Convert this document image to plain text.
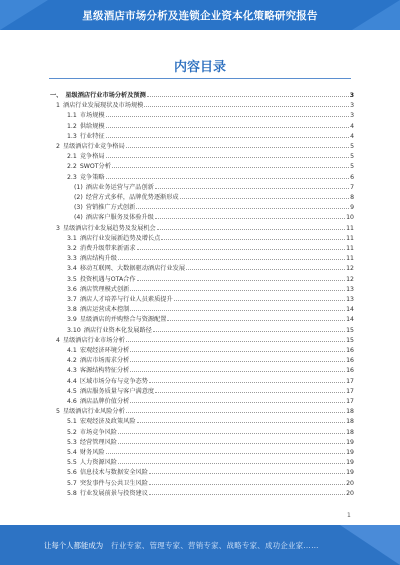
星级酒店市场分析及连锁企业资本化策略研究报告
内容目录
一、 星级酒店行业市场分析及预测	3
1 酒店行业发展现状及市场规模	3
1.1 市场规模	3
1.2 供给规模	4
1.3 行业特征	4
2 星级酒店行业竞争格局	5
2.1 竞争格局	5
2.2 SWOT分析	5
2.3 竞争策略	6
(1) 酒店业务运营与产品创新	7
(2) 经营方式多样，品牌优势逐渐形成	8
(3) 营销推广方式创新	9
(4) 酒店客户服务及体验升级	10
3 星级酒店行业发展趋势及发展机会	11
3.1 酒店行业发展新趋势及增长点	11
3.2 消费升级带来新需求	11
3.3 酒店结构升级	11
3.4 移动互联网、大数据驱动酒店行业发展	12
3.5 投资机遇与OTA合作	12
3.6 酒店管理模式创新	13
3.7 酒店人才培养与行业人员素质提升	13
3.8 酒店运营成本控制	14
3.9 星级酒店的并购整合与资源配置	14
3.10 酒店行业资本化发展路径	15
4 星级酒店行业市场分析	15
4.1 宏观经济环境分析	16
4.2 酒店市场需求分析	16
4.3 客源结构特征分析	16
4.4 区域市场分布与竞争态势	17
4.5 酒店服务质量与客户满意度	17
4.6 酒店品牌价值分析	17
5 星级酒店行业风险分析	18
5.1 宏观经济及政策风险	18
5.2 市场竞争风险	18
5.3 经营管理风险	19
5.4 财务风险	19
5.5 人力资源风险	19
5.6 信息技术与数据安全风险	19
5.7 突发事件与公共卫生风险	20
5.8 行业发展前景与投资建议	20
1
让每个人都能成为 行业专家、管理专家、营销专家、战略专家、成功企业家……
